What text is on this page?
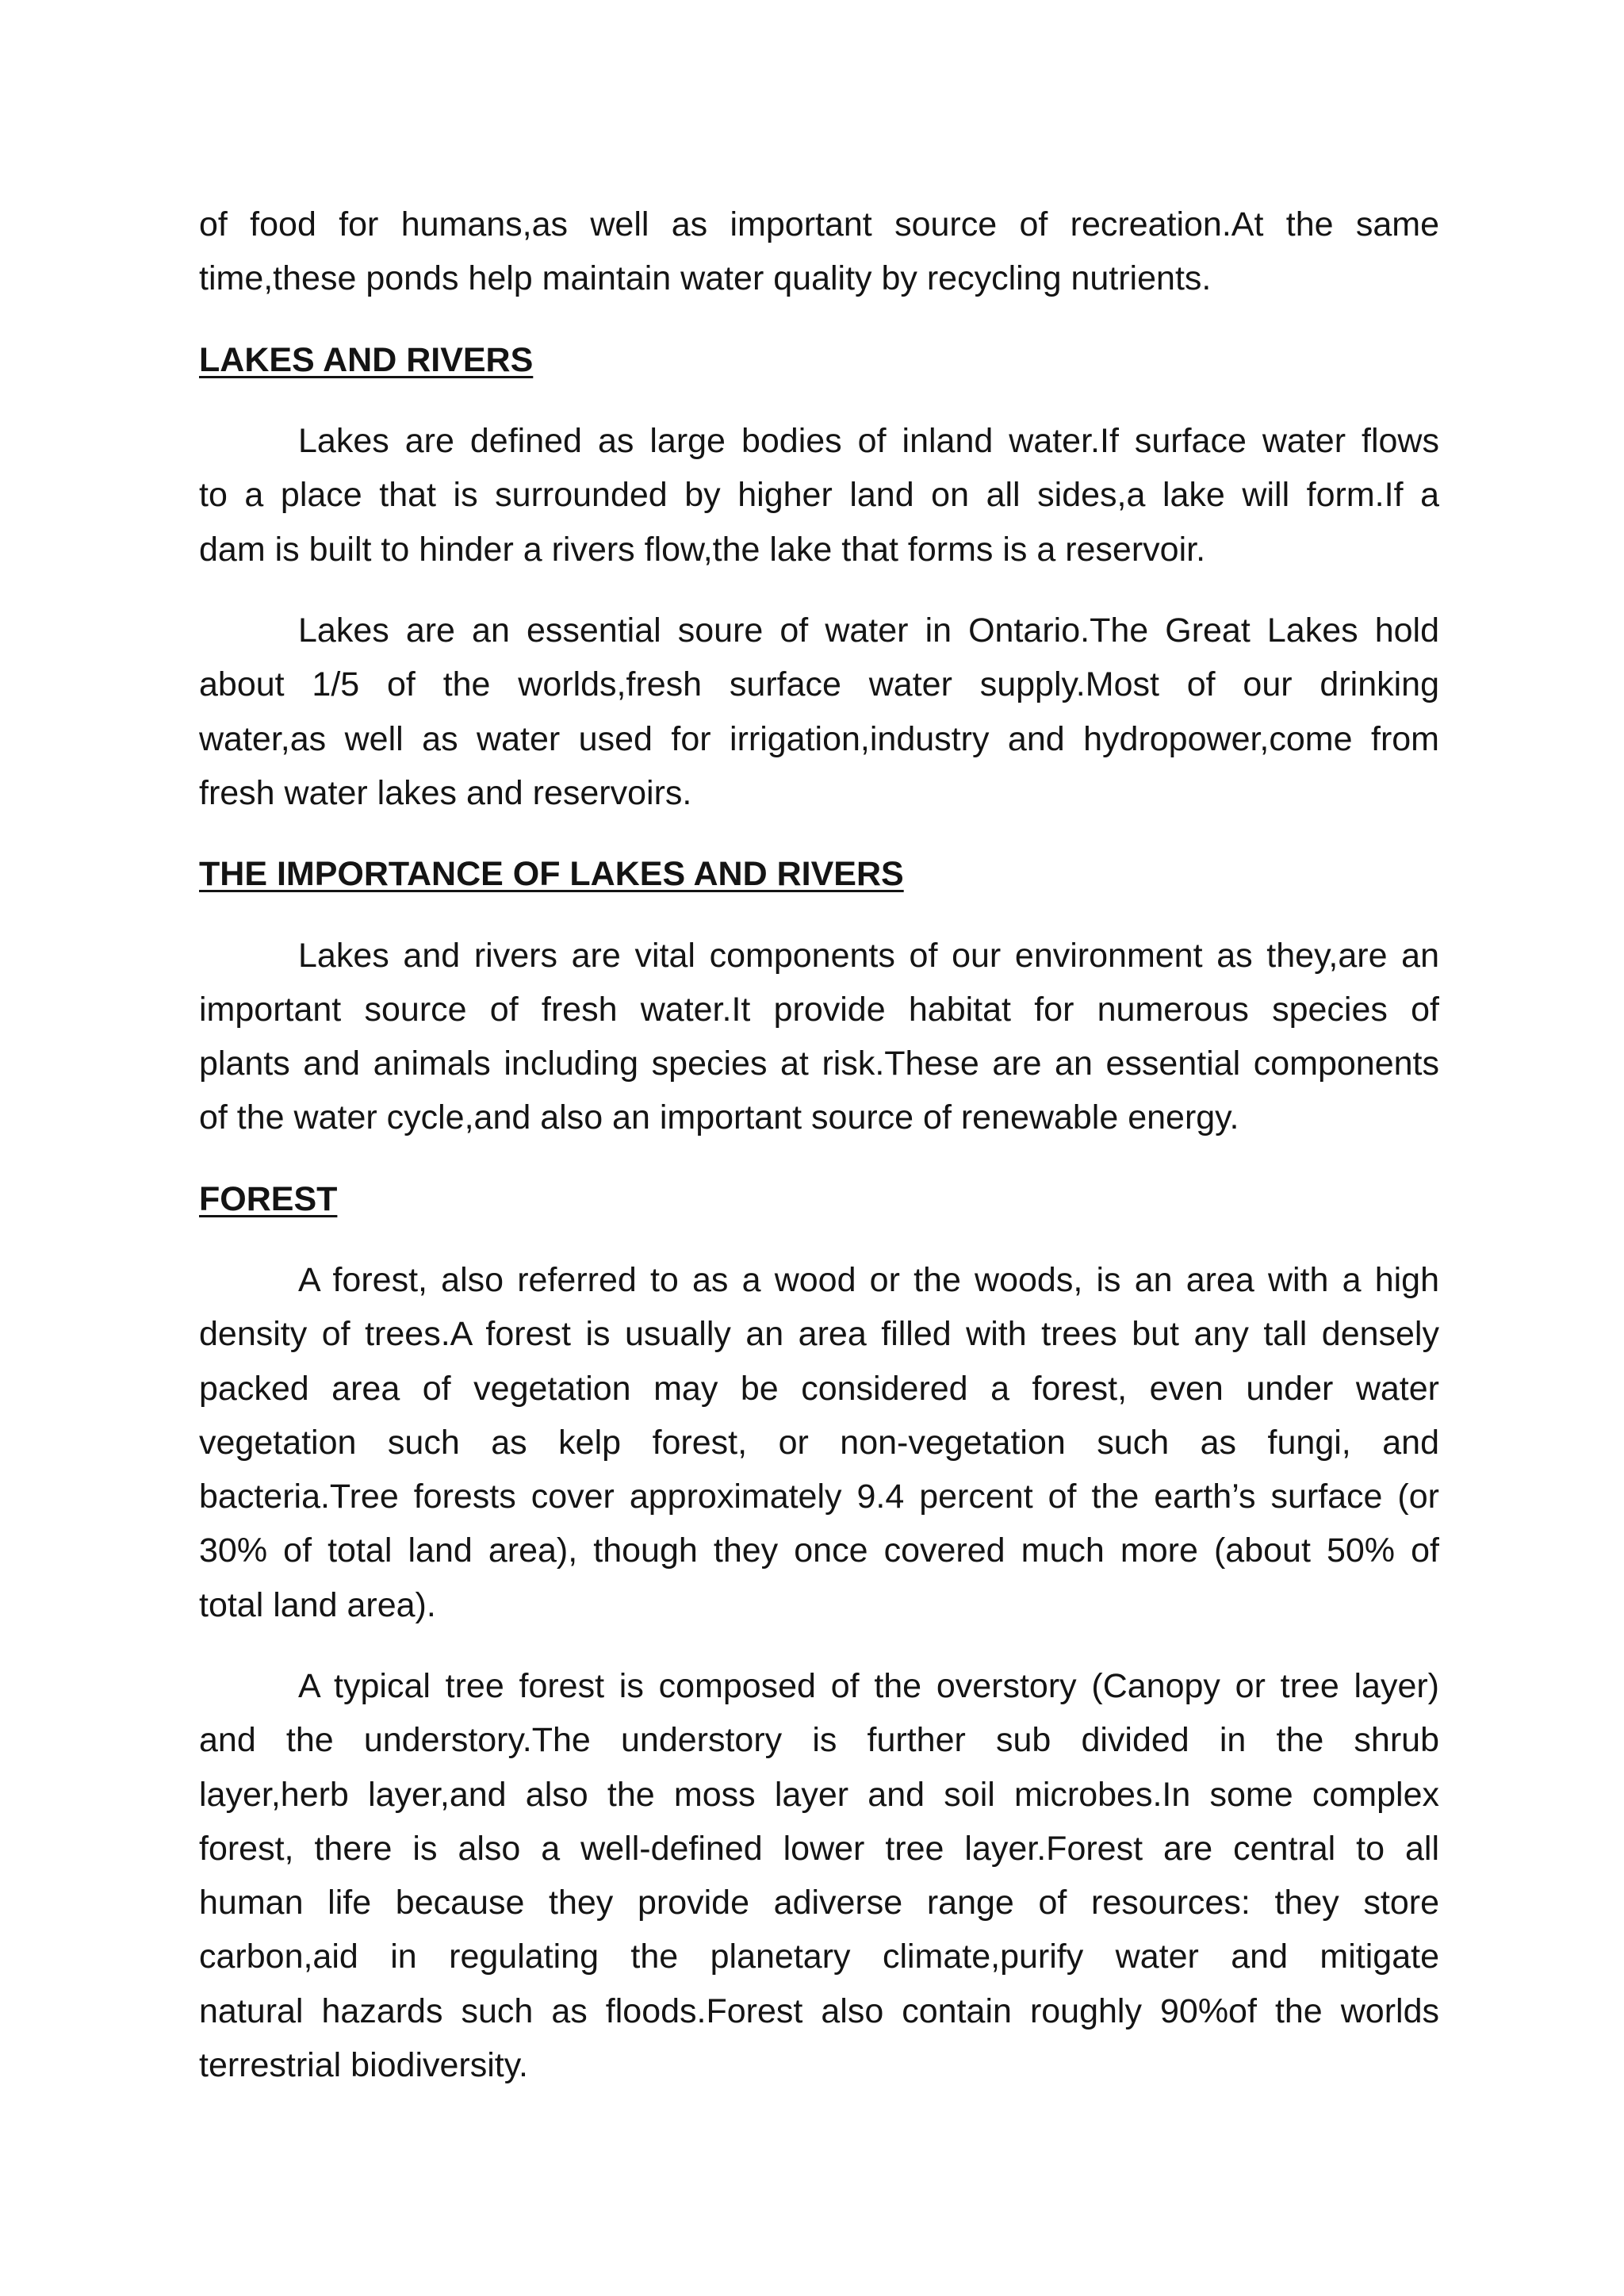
of food for humans,as well as important source of recreation.At the same
time,these ponds help maintain water quality by recycling nutrients.
LAKES AND RIVERS
Lakes are defined as large bodies of inland water.If surface water flows
to a place that is surrounded by higher land on all sides,a lake will form.If a
dam is built to hinder a rivers flow,the lake that forms is a reservoir.
Lakes are an essential soure of water in Ontario.The Great Lakes hold
about 1/5 of the worlds,fresh surface water supply.Most of our drinking
water,as well as water used for irrigation,industry and hydropower,come from
fresh water lakes and reservoirs.
THE IMPORTANCE OF LAKES AND RIVERS
Lakes and rivers are vital components of our environment as they,are an
important source of fresh water.It provide habitat for numerous species of
plants and animals including species at risk.These are an essential components
of the water cycle,and also an important source of renewable energy.
FOREST
A forest, also referred to as a wood or the woods, is an area with a high
density of trees.A forest is usually an area filled with trees but any tall densely
packed area of vegetation may be considered a forest, even under water
vegetation such as kelp forest, or non-vegetation such as fungi, and
bacteria.Tree forests cover approximately 9.4 percent of the earth’s surface (or
30% of total land area), though they once covered much more (about 50% of
total land area).
A typical tree forest is composed of the overstory (Canopy or tree layer)
and the understory.The understory is further sub divided in the shrub
layer,herb layer,and also the moss layer and soil microbes.In some complex
forest, there is also a well-defined lower tree layer.Forest are central to all
human life because they provide adiverse range of resources: they store
carbon,aid in regulating the planetary climate,purify water and mitigate
natural hazards such as floods.Forest also contain roughly 90%of the worlds
terrestrial biodiversity.
